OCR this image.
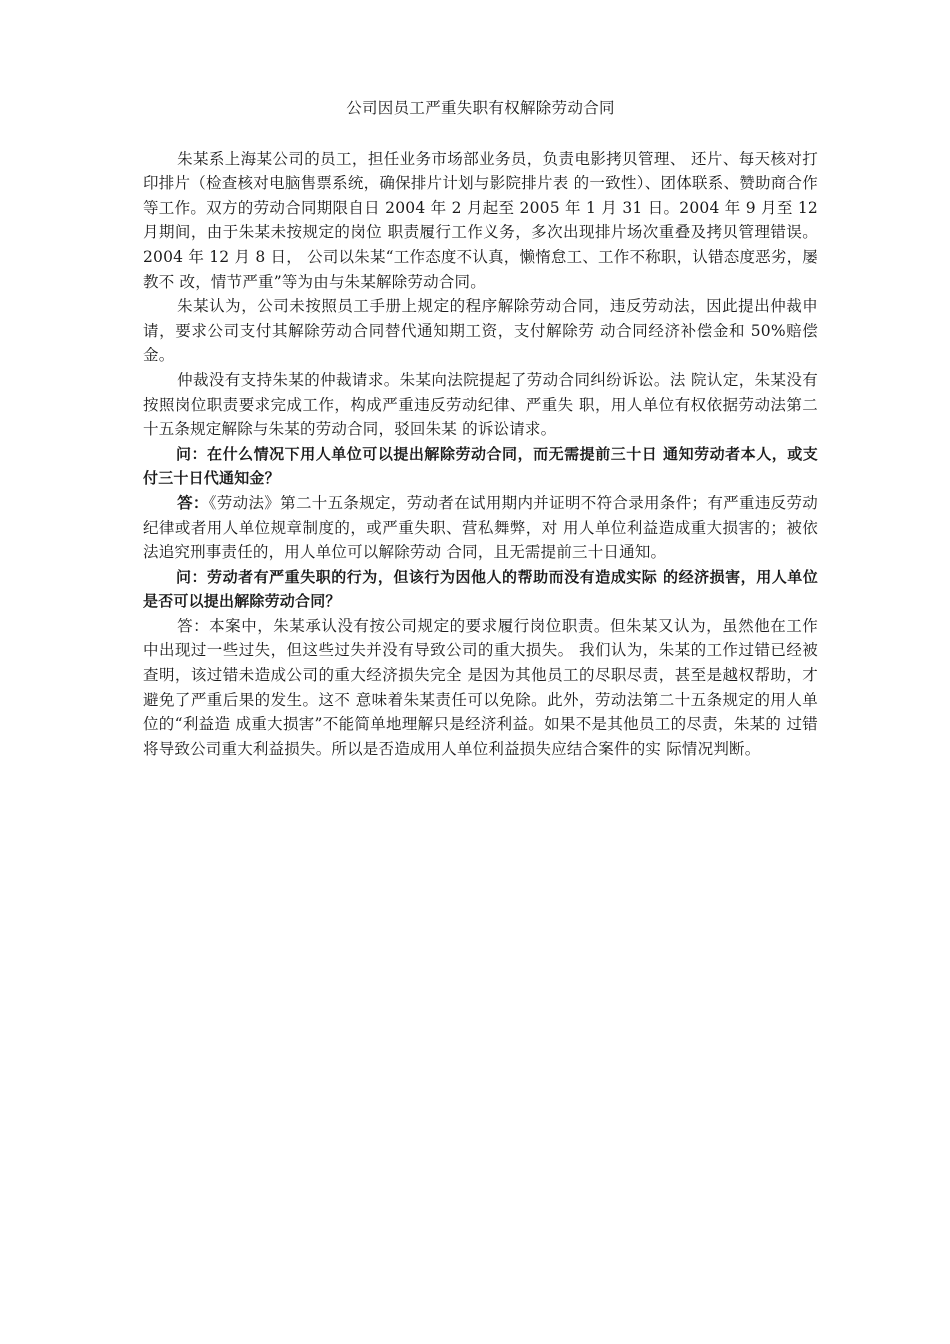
公司因员工严重失职有权解除劳动合同

朱某系上海某公司的员工，担任业务市场部业务员，负责电影拷贝管理、 还片、每天核对打印排片（检查核对电脑售票系统，确保排片计划与影院排片表 的一致性）、团体联系、赞助商合作等工作。双方的劳动合同期限自日 2004 年 2 月起至 2005 年 1 月 31 日。2004 年 9 月至 12 月期间，由于朱某未按规定的岗位 职责履行工作义务，多次出现排片场次重叠及拷贝管理错误。2004 年 12 月 8 日， 公司以朱某“工作态度不认真，懒惰怠工、工作不称职，认错态度恶劣，屡教不 改，情节严重”等为由与朱某解除劳动合同。

朱某认为，公司未按照员工手册上规定的程序解除劳动合同，违反劳动法，因此提出仲裁申请，要求公司支付其解除劳动合同替代通知期工资，支付解除劳 动合同经济补偿金和 50%赔偿金。

仲裁没有支持朱某的仲裁请求。朱某向法院提起了劳动合同纠纷诉讼。法 院认定，朱某没有按照岗位职责要求完成工作，构成严重违反劳动纪律、严重失 职，用人单位有权依据劳动法第二十五条规定解除与朱某的劳动合同，驳回朱某 的诉讼请求。

问：在什么情况下用人单位可以提出解除劳动合同，而无需提前三十日 通知劳动者本人，或支付三十日代通知金？

答：《劳动法》第二十五条规定，劳动者在试用期内并证明不符合录用条件；有严重违反劳动纪律或者用人单位规章制度的，或严重失职、营私舞弊，对 用人单位利益造成重大损害的；被依法追究刑事责任的，用人单位可以解除劳动 合同，且无需提前三十日通知。

问：劳动者有严重失职的行为，但该行为因他人的帮助而没有造成实际 的经济损害，用人单位是否可以提出解除劳动合同？

答：本案中，朱某承认没有按公司规定的要求履行岗位职责。但朱某又认为，虽然他在工作中出现过一些过失，但这些过失并没有导致公司的重大损失。 我们认为，朱某的工作过错已经被查明，该过错未造成公司的重大经济损失完全 是因为其他员工的尽职尽责，甚至是越权帮助，才避免了严重后果的发生。这不 意味着朱某责任可以免除。此外，劳动法第二十五条规定的用人单位的“利益造 成重大损害”不能简单地理解只是经济利益。如果不是其他员工的尽责，朱某的 过错将导致公司重大利益损失。所以是否造成用人单位利益损失应结合案件的实 际情况判断。
